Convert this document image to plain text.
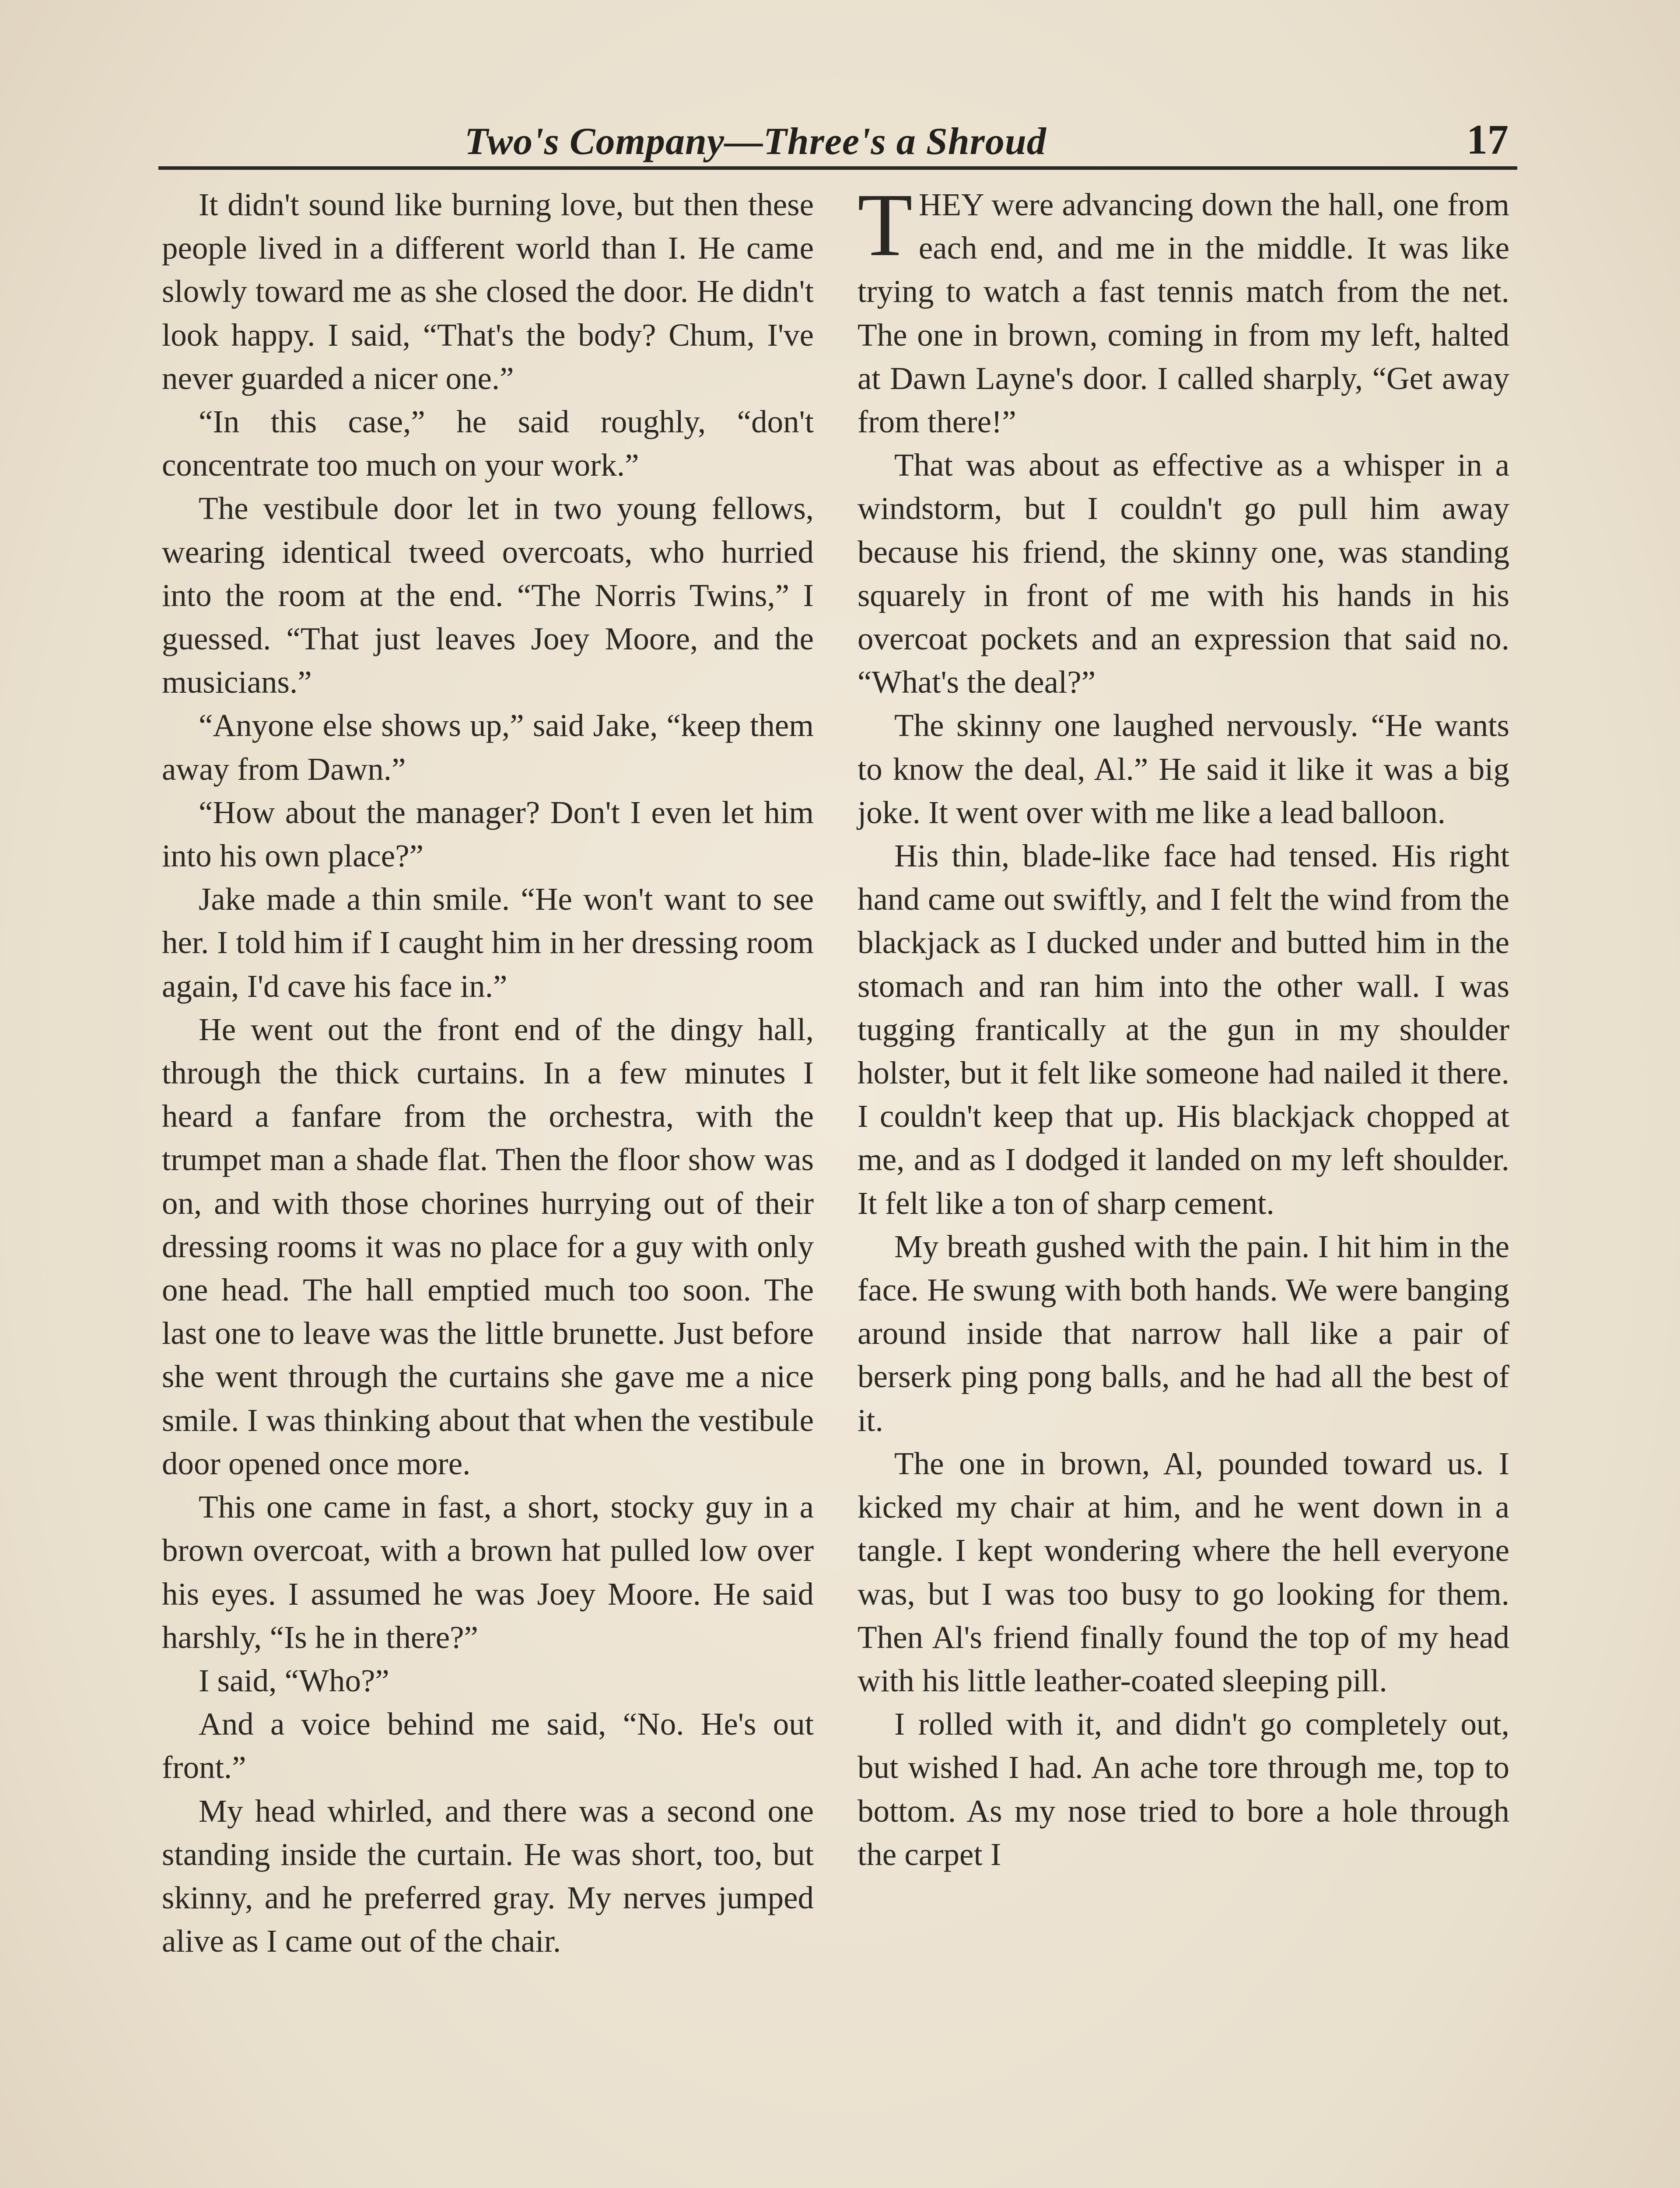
Two's Company—Three's a Shroud	17

It didn't sound like burning love, but then these people lived in a different world than I. He came slowly toward me as she closed the door. He didn't look happy. I said, “That's the body? Chum, I've never guarded a nicer one.”

“In this case,” he said roughly, “don't concentrate too much on your work.”

The vestibule door let in two young fellows, wearing identical tweed overcoats, who hurried into the room at the end. “The Norris Twins,” I guessed. “That just leaves Joey Moore, and the musicians.”

“Anyone else shows up,” said Jake, “keep them away from Dawn.”

“How about the manager? Don't I even let him into his own place?”

Jake made a thin smile. “He won't want to see her. I told him if I caught him in her dressing room again, I'd cave his face in.”

He went out the front end of the dingy hall, through the thick curtains. In a few minutes I heard a fanfare from the orchestra, with the trumpet man a shade flat. Then the floor show was on, and with those chorines hurrying out of their dressing rooms it was no place for a guy with only one head. The hall emptied much too soon. The last one to leave was the little brunette. Just before she went through the curtains she gave me a nice smile. I was thinking about that when the vestibule door opened once more.

This one came in fast, a short, stocky guy in a brown overcoat, with a brown hat pulled low over his eyes. I assumed he was Joey Moore. He said harshly, “Is he in there?”

I said, “Who?”

And a voice behind me said, “No. He's out front.”

My head whirled, and there was a second one standing inside the curtain. He was short, too, but skinny, and he preferred gray. My nerves jumped alive as I came out of the chair.

THEY were advancing down the hall, one from each end, and me in the middle. It was like trying to watch a fast tennis match from the net. The one in brown, coming in from my left, halted at Dawn Layne's door. I called sharply, “Get away from there!”

That was about as effective as a whisper in a windstorm, but I couldn't go pull him away because his friend, the skinny one, was standing squarely in front of me with his hands in his overcoat pockets and an expression that said no. “What's the deal?”

The skinny one laughed nervously. “He wants to know the deal, Al.” He said it like it was a big joke. It went over with me like a lead balloon.

His thin, blade-like face had tensed. His right hand came out swiftly, and I felt the wind from the blackjack as I ducked under and butted him in the stomach and ran him into the other wall. I was tugging frantically at the gun in my shoulder holster, but it felt like someone had nailed it there. I couldn't keep that up. His blackjack chopped at me, and as I dodged it landed on my left shoulder. It felt like a ton of sharp cement.

My breath gushed with the pain. I hit him in the face. He swung with both hands. We were banging around inside that narrow hall like a pair of berserk ping pong balls, and he had all the best of it.

The one in brown, Al, pounded toward us. I kicked my chair at him, and he went down in a tangle. I kept wondering where the hell everyone was, but I was too busy to go looking for them. Then Al's friend finally found the top of my head with his little leather-coated sleeping pill.

I rolled with it, and didn't go completely out, but wished I had. An ache tore through me, top to bottom. As my nose tried to bore a hole through the carpet I
